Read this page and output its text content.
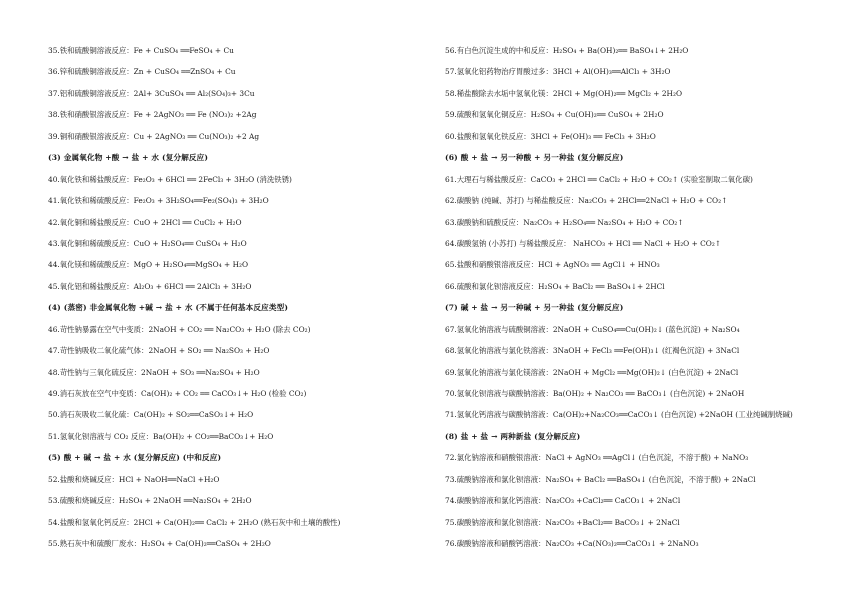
35.铁和硫酸铜溶液反应：Fe + CuSO₄ ══FeSO₄ + Cu
36.锌和硫酸铜溶液反应：Zn + CuSO₄ ══ZnSO₄ + Cu
37.铝和硫酸铜溶液反应：2Al+ 3CuSO₄ ══ Al₂(SO₄)₃+ 3Cu
38.铁和硝酸银溶液反应：Fe + 2AgNO₃ ══ Fe (NO₃)₂ +2Ag
39.铜和硝酸银溶液反应：Cu + 2AgNO₃ ══ Cu(NO₃)₂ +2 Ag
(3) 金属氧化物 +酸 → 盐 + 水 (复分解反应)
40.氧化铁和稀盐酸反应：Fe₂O₃ + 6HCl ══ 2FeCl₃ + 3H₂O (消洗铁锈)
41.氧化铁和稀硫酸反应：Fe₂O₃ + 3H₂SO₄══Fe₂(SO₄)₃ + 3H₂O
42.氧化铜和稀盐酸反应：CuO + 2HCl ══ CuCl₂ + H₂O
43.氧化铜和稀硫酸反应：CuO + H₂SO₄══ CuSO₄ + H₂O
44.氧化镁和稀硫酸反应：MgO + H₂SO₄══MgSO₄ + H₂O
45.氧化铝和稀盐酸反应：Al₂O₃ + 6HCl ══ 2AlCl₃ + 3H₂O
(4) (蒸密) 非金属氧化物 +碱 → 盐 + 水 (不属于任何基本反应类型)
46.苛性钠暴露在空气中变质：2NaOH + CO₂ ══ Na₂CO₃ + H₂O (除去 CO₂)
47.苛性钠吸收二氧化硫气体：2NaOH + SO₂ ══ Na₂SO₃ + H₂O
48.苛性钠与三氧化硫反应：2NaOH + SO₃ ══Na₂SO₄ + H₂O
49.消石灰放在空气中变质：Ca(OH)₂ + CO₂ ══ CaCO₃↓+ H₂O (检验 CO₂)
50.消石灰吸收二氧化硫：Ca(OH)₂ + SO₂══CaSO₃↓+ H₂O
51.氢氧化钡溶液与 CO₂ 反应：Ba(OH)₂ + CO₂══BaCO₃↓+ H₂O
(5) 酸 + 碱 → 盐 + 水 (复分解反应) (中和反应)
52.盐酸和烧碱反应：HCl + NaOH══NaCl +H₂O
53.硫酸和烧碱反应：H₂SO₄ + 2NaOH ══Na₂SO₄ + 2H₂O
54.盐酸和氢氧化钙反应：2HCl + Ca(OH)₂══ CaCl₂ + 2H₂O (熟石灰中和土壤的酸性)
55.熟石灰中和硫酸厂废水：H₂SO₄ + Ca(OH)₂══CaSO₄ + 2H₂O
56.有白色沉淀生成的中和反应：H₂SO₄ + Ba(OH)₂══ BaSO₄↓+ 2H₂O
57.氢氧化铝药物治疗胃酸过多：3HCl + Al(OH)₃══AlCl₃ + 3H₂O
58.稀盐酸除去水垢中氢氧化镁：2HCl + Mg(OH)₂══ MgCl₂ + 2H₂O
59.硫酸和氢氧化铜反应：H₂SO₄ + Cu(OH)₂══ CuSO₄ + 2H₂O
60.盐酸和氢氧化铁反应：3HCl + Fe(OH)₃ ══ FeCl₃ + 3H₂O
(6) 酸 + 盐 → 另一种酸 + 另一种盐 (复分解反应)
61.大理石与稀盐酸反应：CaCO₃ + 2HCl ══ CaCl₂ + H₂O + CO₂↑ (实验室制取二氧化碳)
62.碳酸钠 (纯碱、苏打) 与稀盐酸反应：Na₂CO₃ + 2HCl══2NaCl + H₂O + CO₂↑
63.碳酸钠和硫酸反应：Na₂CO₃ + H₂SO₄══ Na₂SO₄ + H₂O + CO₂↑
64.碳酸氢钠 (小苏打) 与稀盐酸反应： NaHCO₃ + HCl ══ NaCl + H₂O + CO₂↑
65.盐酸和硝酸银溶液反应：HCl + AgNO₃ ══ AgCl↓ + HNO₃
66.硫酸和氯化钡溶液反应：H₂SO₄ + BaCl₂ ══ BaSO₄↓+ 2HCl
(7) 碱 + 盐 → 另一种碱 + 另一种盐 (复分解反应)
67.氢氧化钠溶液与硫酸铜溶液：2NaOH + CuSO₄══Cu(OH)₂↓ (蓝色沉淀) + Na₂SO₄
68.氢氧化钠溶液与氯化铁溶液：3NaOH + FeCl₃ ══Fe(OH)₃↓ (红褐色沉淀) + 3NaCl
69.氢氧化钠溶液与氯化镁溶液：2NaOH + MgCl₂ ══Mg(OH)₂↓ (白色沉淀) + 2NaCl
70.氢氧化钡溶液与碳酸钠溶液：Ba(OH)₂ + Na₂CO₃ ══ BaCO₃↓ (白色沉淀) + 2NaOH
71.氢氧化钙溶液与碳酸钠溶液：Ca(OH)₂+Na₂CO₃══CaCO₃↓ (白色沉淀) +2NaOH (工业纯碱制烧碱)
(8) 盐 + 盐 → 两种新盐 (复分解反应)
72.氯化钠溶液和硝酸银溶液：NaCl + AgNO₃ ══AgCl↓ (白色沉淀，不溶于酸) + NaNO₃
73.硫酸钠溶液和氯化钡溶液：Na₂SO₄ + BaCl₂ ══BaSO₄↓ (白色沉淀，不溶于酸) + 2NaCl
74.碳酸钠溶液和氯化钙溶液：Na₂CO₃ +CaCl₂══ CaCO₃↓ + 2NaCl
75.碳酸钠溶液和氯化钡溶液：Na₂CO₃ +BaCl₂══ BaCO₃↓ + 2NaCl
76.碳酸钠溶液和硝酸钙溶液：Na₂CO₃ +Ca(NO₃)₂══CaCO₃↓ + 2NaNO₃
